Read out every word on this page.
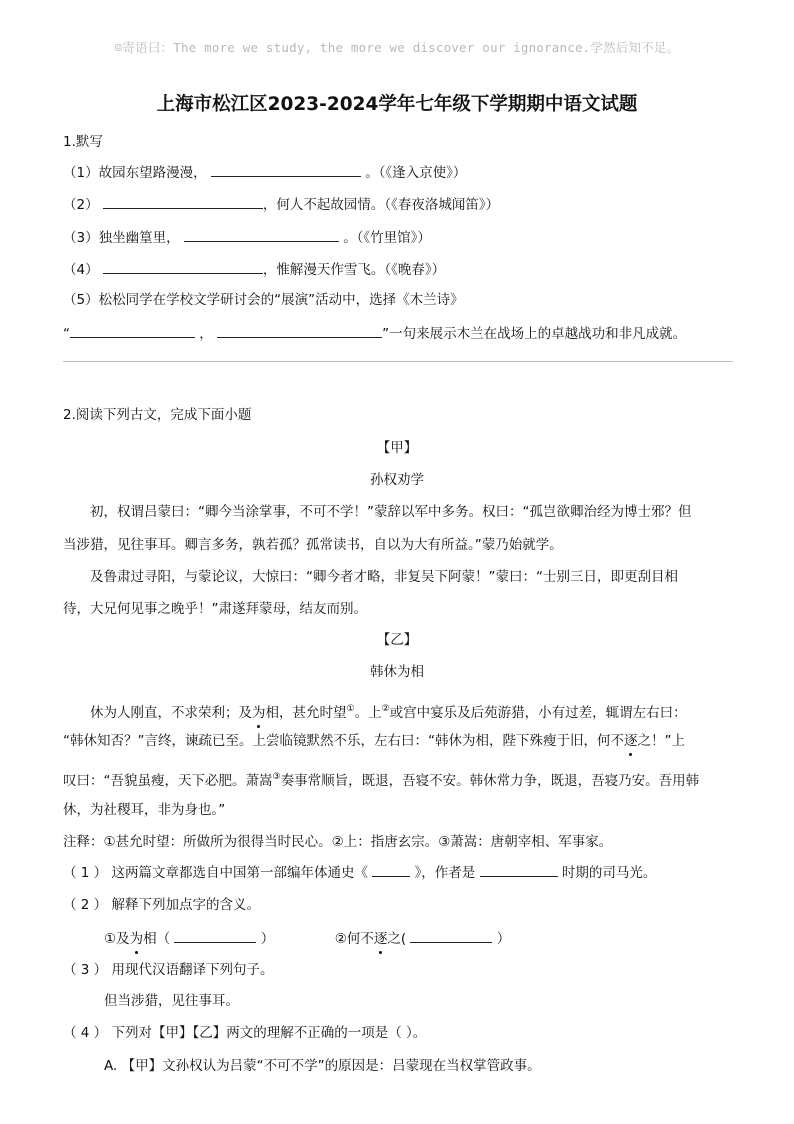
☺寄语曰：The more we study, the more we discover our ignorance.学然后知不足。
上海市松江区2023-2024学年七年级下学期期中语文试题
1.默写
（1）故园东望路漫漫，	。（《逢入京使》）
（2）	，何人不起故园情。（《春夜洛城闻笛》）
（3）独坐幽篁里，	。（《竹里馆》）
（4）	，惟解漫天作雪飞。（《晚春》）
（5）松松同学在学校文学研讨会的“展演”活动中，选择《木兰诗》
“	，	”一句来展示木兰在战场上的卓越战功和非凡成就。
2.阅读下列古文，完成下面小题
【甲】
孙权劝学
初，权谓吕蒙曰：“卿今当涂掌事，不可不学！”蒙辞以军中多务。权曰：“孤岂欲卿治经为博士邪？但
当涉猎，见往事耳。卿言多务，孰若孤？孤常读书，自以为大有所益。”蒙乃始就学。
及鲁肃过寻阳，与蒙论议，大惊曰：“卿今者才略，非复吴下阿蒙！”蒙曰：“士别三日，即更刮目相
待，大兄何见事之晚乎！”肃遂拜蒙母，结友而别。
【乙】
韩休为相
休为人刚直，不求荣利；及为相，甚允时望①。上②或宫中宴乐及后苑游猎，小有过差，辄谓左右曰：
“韩休知否？”言终，谏疏已至。上尝临镜默然不乐，左右曰：“韩休为相，陛下殊瘦于旧，何不逐之！”上
叹曰：“吾貌虽瘦，天下必肥。萧嵩③奏事常顺旨，既退，吾寝不安。韩休常力争，既退，吾寝乃安。吾用韩
休，为社稷耳，非为身也。”
注释：①甚允时望：所做所为很得当时民心。②上：指唐玄宗。③萧嵩：唐朝宰相、军事家。
（ 1 ） 这两篇文章都选自中国第一部编年体通史《	》，作者是	时期的司马光。
（ 2 ） 解释下列加点字的含义。
①及为相（	）	②何不逐之(	）
（ 3 ） 用现代汉语翻译下列句子。
但当涉猎，见往事耳。
（ 4 ） 下列对【甲】【乙】两文的理解不正确的一项是（ ）。
A. 【甲】文孙权认为吕蒙“不可不学”的原因是：吕蒙现在当权掌管政事。
